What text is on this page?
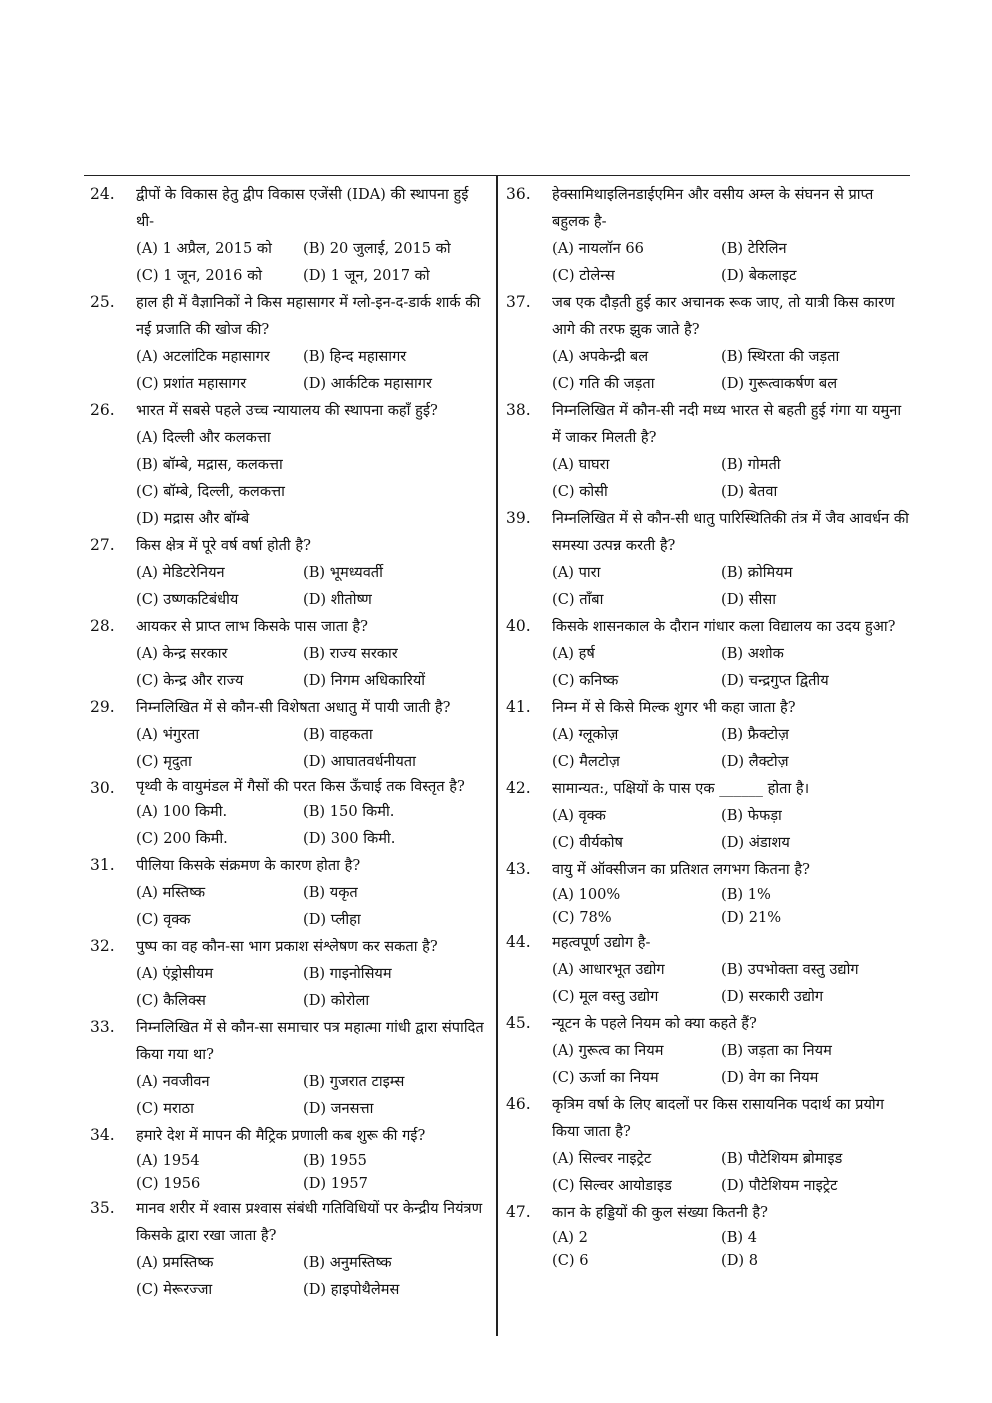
24.	द्वीपों के विकास हेतु द्वीप विकास एजेंसी (IDA) की स्थापना हुई थी-
(A) 1 अप्रैल, 2015 को	(B) 20 जुलाई, 2015 को
(C) 1 जून, 2016 को	(D) 1 जून, 2017 को
25.	हाल ही में वैज्ञानिकों ने किस महासागर में ग्लो-इन-द-डार्क शार्क की नई प्रजाति की खोज की?
(A) अटलांटिक महासागर	(B) हिन्द महासागर
(C) प्रशांत महासागर	(D) आर्कटिक महासागर
26.	भारत में सबसे पहले उच्च न्यायालय की स्थापना कहाँ हुई?
(A) दिल्ली और कलकत्ता
(B) बॉम्बे, मद्रास, कलकत्ता
(C) बॉम्बे, दिल्ली, कलकत्ता
(D) मद्रास और बॉम्बे
27.	किस क्षेत्र में पूरे वर्ष वर्षा होती है?
(A) मेडिटरेनियन	(B) भूमध्यवर्ती
(C) उष्णकटिबंधीय	(D) शीतोष्ण
28.	आयकर से प्राप्त लाभ किसके पास जाता है?
(A) केन्द्र सरकार	(B) राज्य सरकार
(C) केन्द्र और राज्य	(D) निगम अधिकारियों
29.	निम्नलिखित में से कौन-सी विशेषता अधातु में पायी जाती है?
(A) भंगुरता	(B) वाहकता
(C) मृदुता	(D) आघातवर्धनीयता
30.	पृथ्वी के वायुमंडल में गैसों की परत किस ऊँचाई तक विस्तृत है?
(A) 100 किमी.	(B) 150 किमी.
(C) 200 किमी.	(D) 300 किमी.
31.	पीलिया किसके संक्रमण के कारण होता है?
(A) मस्तिष्क	(B) यकृत
(C) वृक्क	(D) प्लीहा
32.	पुष्प का वह कौन-सा भाग प्रकाश संश्लेषण कर सकता है?
(A) एंड्रोसीयम	(B) गाइनोसियम
(C) कैलिक्स	(D) कोरोला
33.	निम्नलिखित में से कौन-सा समाचार पत्र महात्मा गांधी द्वारा संपादित किया गया था?
(A) नवजीवन	(B) गुजरात टाइम्स
(C) मराठा	(D) जनसत्ता
34.	हमारे देश में मापन की मैट्रिक प्रणाली कब शुरू की गई?
(A) 1954	(B) 1955
(C) 1956	(D) 1957
35.	मानव शरीर में श्वास प्रश्वास संबंधी गतिविधियों पर केन्द्रीय नियंत्रण किसके द्वारा रखा जाता है?
(A) प्रमस्तिष्क	(B) अनुमस्तिष्क
(C) मेरूरज्जा	(D) हाइपोथैलेमस
36.	हेक्सामिथाइलिनडाईएमिन और वसीय अम्ल के संघनन से प्राप्त बहुलक है-
(A) नायलॉन 66	(B) टेरिलिन
(C) टोलेन्स	(D) बेकलाइट
37.	जब एक दौड़ती हुई कार अचानक रूक जाए, तो यात्री किस कारण आगे की तरफ झुक जाते है?
(A) अपकेन्द्री बल	(B) स्थिरता की जड़ता
(C) गति की जड़ता	(D) गुरूत्वाकर्षण बल
38.	निम्नलिखित में कौन-सी नदी मध्य भारत से बहती हुई गंगा या यमुना में जाकर मिलती है?
(A) घाघरा	(B) गोमती
(C) कोसी	(D) बेतवा
39.	निम्नलिखित में से कौन-सी धातु पारिस्थितिकी तंत्र में जैव आवर्धन की समस्या उत्पन्न करती है?
(A) पारा	(B) क्रोमियम
(C) ताँबा	(D) सीसा
40.	किसके शासनकाल के दौरान गांधार कला विद्यालय का उदय हुआ?
(A) हर्ष	(B) अशोक
(C) कनिष्क	(D) चन्द्रगुप्त द्वितीय
41.	निम्न में से किसे मिल्क शुगर भी कहा जाता है?
(A) ग्लूकोज़	(B) फ्रैक्टोज़
(C) मैलटोज़	(D) लैक्टोज़
42.	सामान्यत:, पक्षियों के पास एक ______ होता है।
(A) वृक्क	(B) फेफड़ा
(C) वीर्यकोष	(D) अंडाशय
43.	वायु में ऑक्सीजन का प्रतिशत लगभग कितना है?
(A) 100%	(B) 1%
(C) 78%	(D) 21%
44.	महत्वपूर्ण उद्योग है-
(A) आधारभूत उद्योग	(B) उपभोक्ता वस्तु उद्योग
(C) मूल वस्तु उद्योग	(D) सरकारी उद्योग
45.	न्यूटन के पहले नियम को क्या कहते हैं?
(A) गुरूत्व का नियम	(B) जड़ता का नियम
(C) ऊर्जा का नियम	(D) वेग का नियम
46.	कृत्रिम वर्षा के लिए बादलों पर किस रासायनिक पदार्थ का प्रयोग किया जाता है?
(A) सिल्वर नाइट्रेट	(B) पौटेशियम ब्रोमाइड
(C) सिल्वर आयोडाइड	(D) पौटेशियम नाइट्रेट
47.	कान के हड्डियों की कुल संख्या कितनी है?
(A) 2	(B) 4
(C) 6	(D) 8
